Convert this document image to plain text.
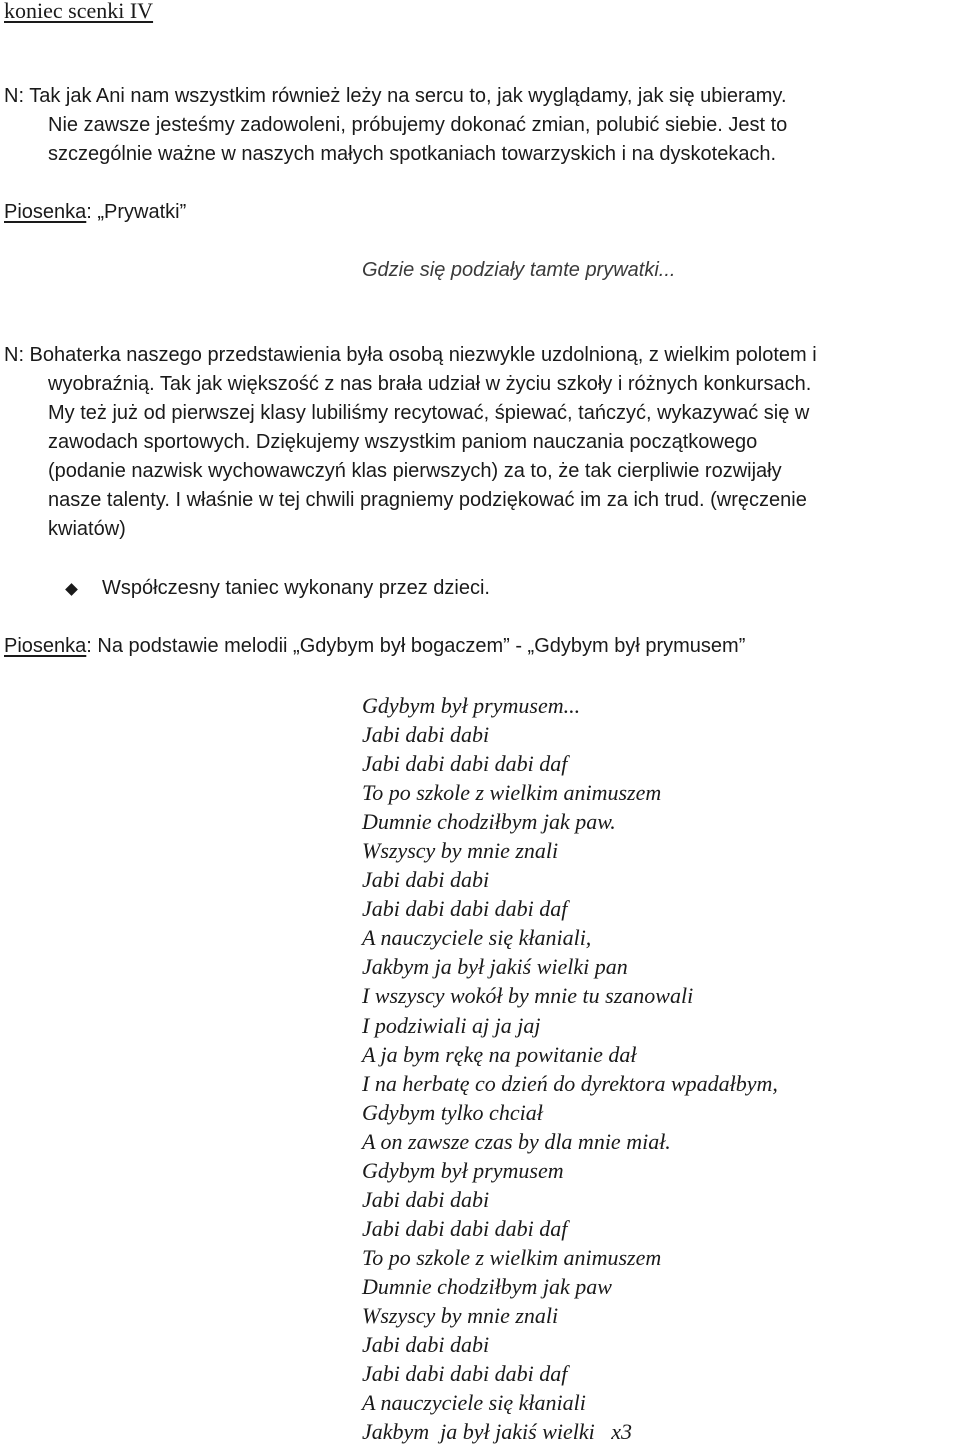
koniec scenki IV
N: Tak jak Ani nam wszystkim również leży na sercu to, jak wyglądamy, jak się ubieramy.
Nie zawsze jesteśmy zadowoleni, próbujemy dokonać zmian, polubić siebie. Jest to
szczególnie ważne w naszych małych spotkaniach towarzyskich i na dyskotekach.
Piosenka: „Prywatki”
Gdzie się podziały tamte prywatki...
N: Bohaterka naszego przedstawienia była osobą niezwykle uzdolnioną, z wielkim polotem i
wyobraźnią. Tak jak większość z nas brała udział w życiu szkoły i różnych konkursach.
My też już od pierwszej klasy lubiliśmy recytować, śpiewać, tańczyć, wykazywać się w
zawodach sportowych. Dziękujemy wszystkim paniom nauczania początkowego
(podanie nazwisk wychowawczyń klas pierwszych) za to, że tak cierpliwie rozwijały
nasze talenty. I właśnie w tej chwili pragniemy podziękować im za ich trud. (wręczenie
kwiatów)
Współczesny taniec wykonany przez dzieci.
Piosenka: Na podstawie melodii „Gdybym był bogaczem” - „Gdybym był prymusem”
Gdybym był prymusem...
Jabi dabi dabi
Jabi dabi dabi dabi daf
To po szkole z wielkim animuszem
Dumnie chodziłbym jak paw.
Wszyscy by mnie znali
Jabi dabi dabi
Jabi dabi dabi dabi daf
A nauczyciele się kłaniali,
Jakbym ja był jakiś wielki pan
I wszyscy wokół by mnie tu szanowali
I podziwiali aj ja jaj
A ja bym rękę na powitanie dał
I na herbatę co dzień do dyrektora wpadałbym,
Gdybym tylko chciał
A on zawsze czas by dla mnie miał.
Gdybym był prymusem
Jabi dabi dabi
Jabi dabi dabi dabi daf
To po szkole z wielkim animuszem
Dumnie chodziłbym jak paw
Wszyscy by mnie znali
Jabi dabi dabi
Jabi dabi dabi dabi daf
A nauczyciele się kłaniali
Jakbym  ja był jakiś wielki   x3
